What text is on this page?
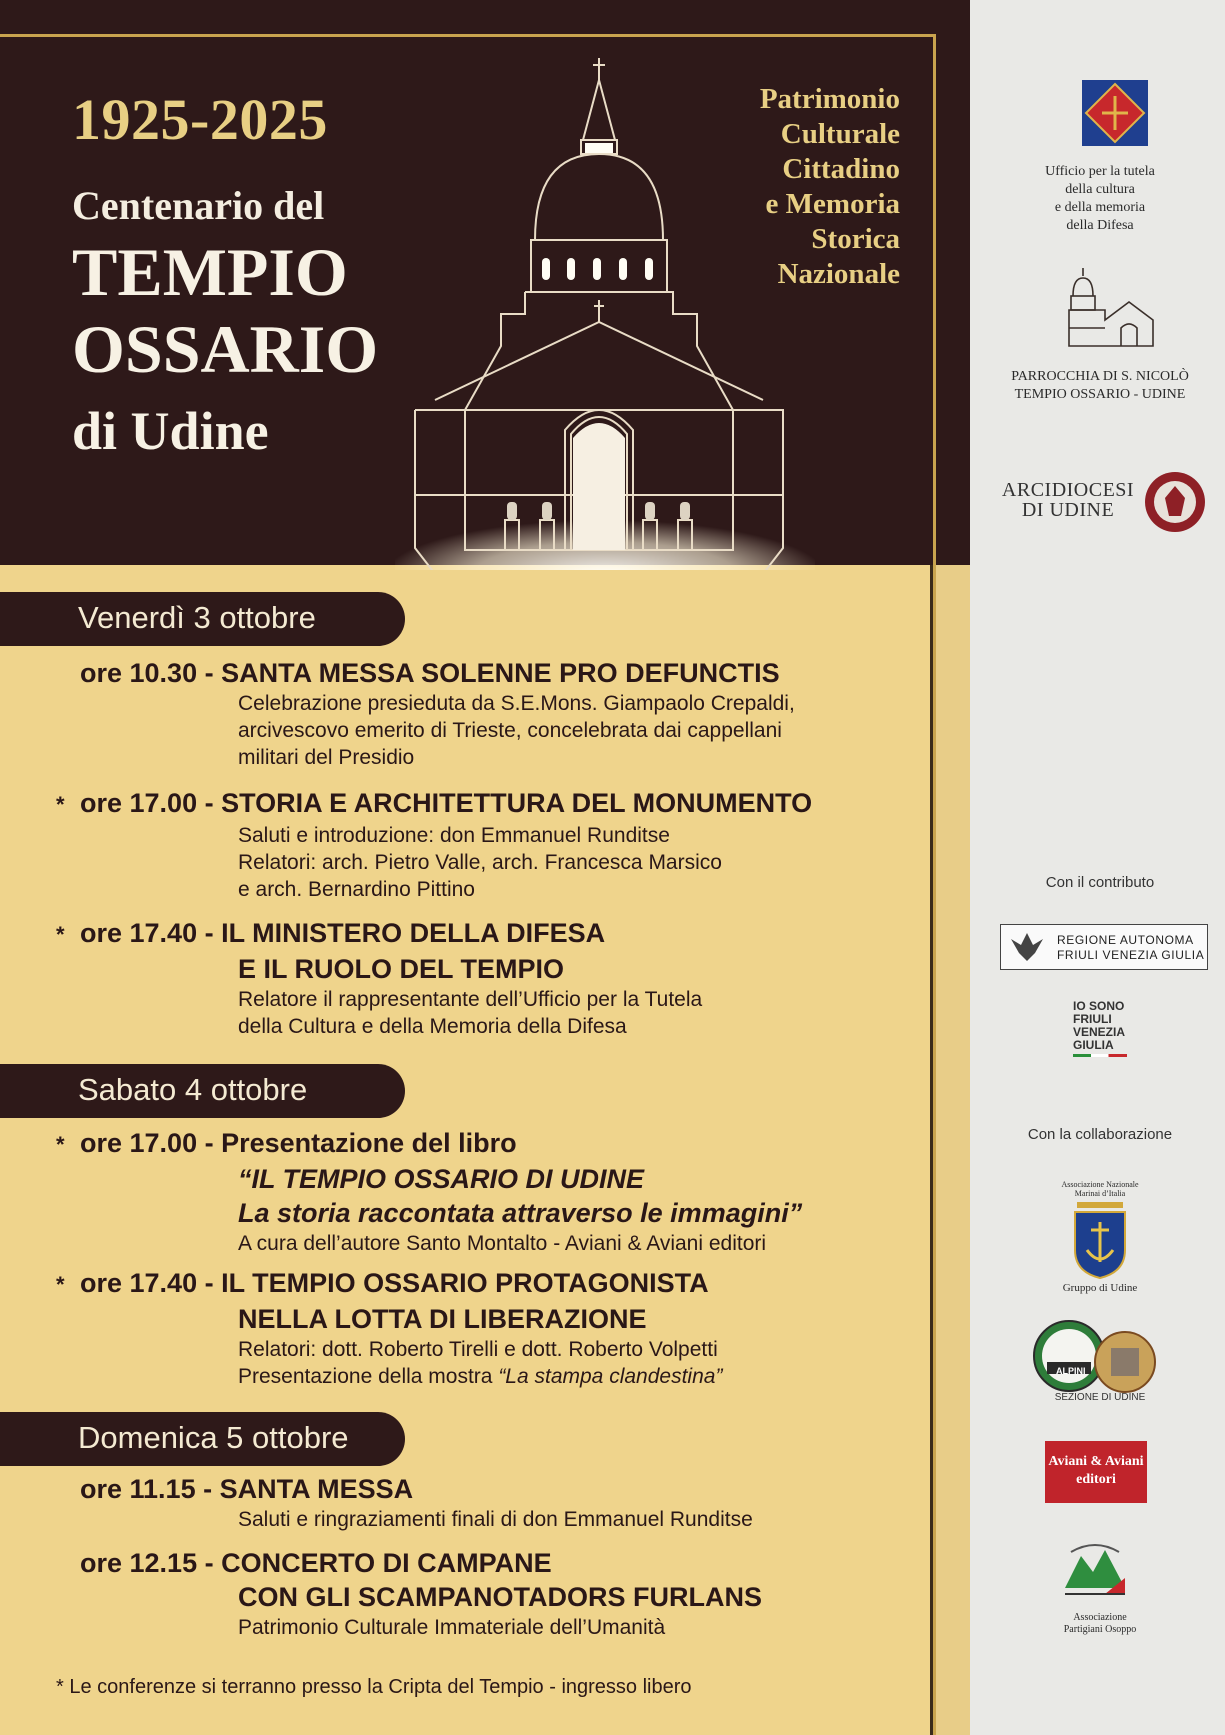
1925-2025
Centenario del
TEMPIO
OSSARIO
di Udine
Patrimonio
Culturale
Cittadino
e Memoria
Storica
Nazionale
Venerdì 3 ottobre
ore 10.30 - SANTA MESSA SOLENNE PRO DEFUNCTIS
Celebrazione presieduta da S.E.Mons. Giampaolo Crepaldi,
arcivescovo emerito di Trieste, concelebrata dai cappellani
militari del Presidio
* ore 17.00 - STORIA E ARCHITETTURA DEL MONUMENTO
Saluti e introduzione: don Emmanuel Runditse
Relatori: arch. Pietro Valle, arch. Francesca Marsico
e arch. Bernardino Pittino
* ore 17.40 - IL MINISTERO DELLA DIFESA
E IL RUOLO DEL TEMPIO
Relatore il rappresentante dell’Ufficio per la Tutela
della Cultura e della Memoria della Difesa
Sabato 4 ottobre
* ore 17.00 - Presentazione del libro
“IL TEMPIO OSSARIO DI UDINE
La storia raccontata attraverso le immagini”
A cura dell’autore Santo Montalto - Aviani & Aviani editori
* ore 17.40 - IL TEMPIO OSSARIO PROTAGONISTA
NELLA LOTTA DI LIBERAZIONE
Relatori: dott. Roberto Tirelli e dott. Roberto Volpetti
Presentazione della mostra “La stampa clandestina”
Domenica 5 ottobre
ore 11.15 - SANTA MESSA
Saluti e ringraziamenti finali di don Emmanuel Runditse
ore 12.15 - CONCERTO DI CAMPANE
CON GLI SCAMPANOTADORS FURLANS
Patrimonio Culturale Immateriale dell’Umanità
* Le conferenze si terranno presso la Cripta del Tempio - ingresso libero
Ufficio per la tutela
della cultura
e della memoria
della Difesa
PARROCCHIA DI S. NICOLÒ
TEMPIO OSSARIO - UDINE
ARCIDIOCESI
DI UDINE
Con il contributo
REGIONE AUTONOMA
FRIULI VENEZIA GIULIA
IO SONO
FRIULI
VENEZIA
GIULIA
Con la collaborazione
Associazione Nazionale
Marinai d’Italia
Gruppo di Udine
ALPINI
SEZIONE DI UDINE
Aviani & Aviani
editori
Associazione
Partigiani Osoppo
